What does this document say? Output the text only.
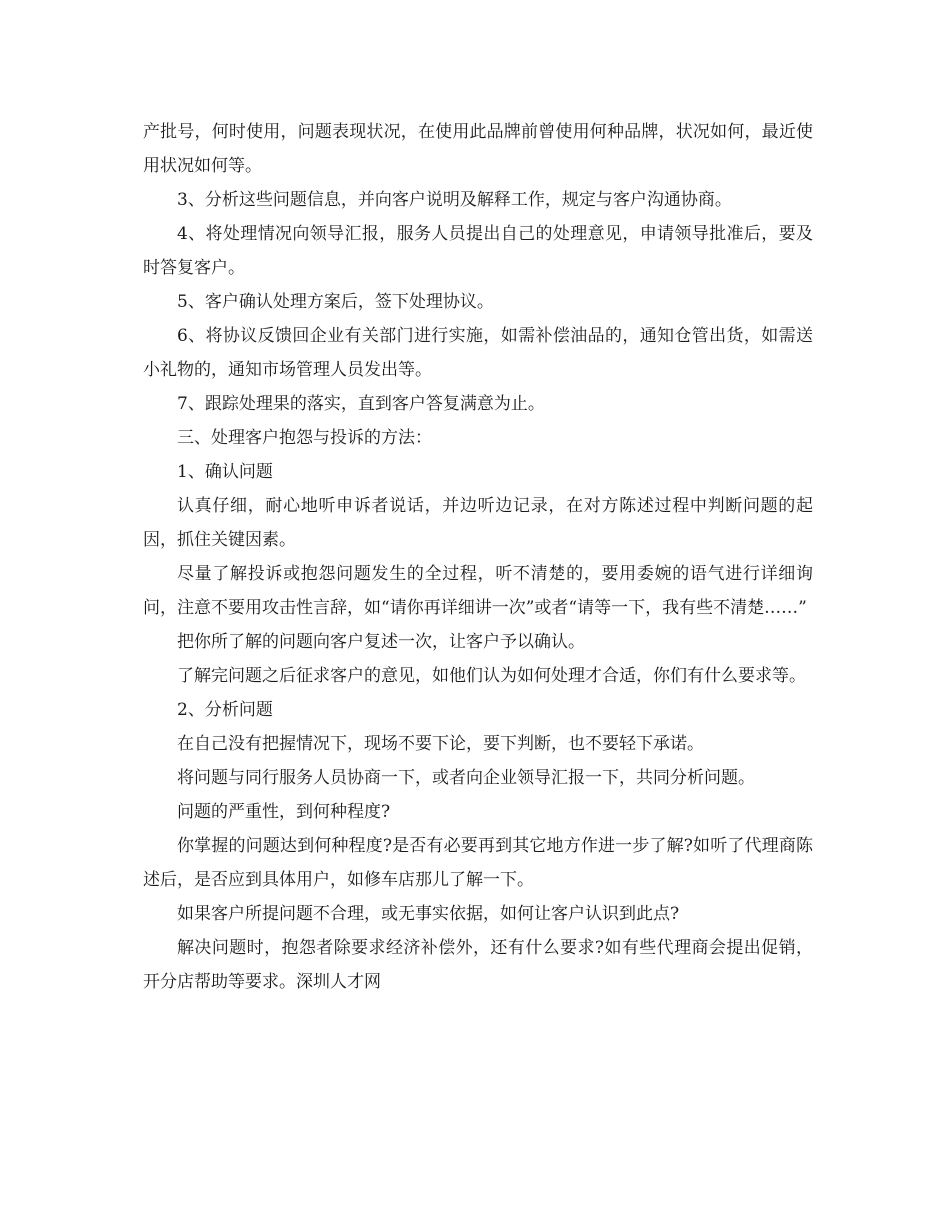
产批号，何时使用，问题表现状况，在使用此品牌前曾使用何种品牌，状况如何，最近使用状况如何等。

3、分析这些问题信息，并向客户说明及解释工作，规定与客户沟通协商。

4、将处理情况向领导汇报，服务人员提出自己的处理意见，申请领导批准后，要及时答复客户。

5、客户确认处理方案后，签下处理协议。

6、将协议反馈回企业有关部门进行实施，如需补偿油品的，通知仓管出货，如需送小礼物的，通知市场管理人员发出等。

7、跟踪处理果的落实，直到客户答复满意为止。

三、处理客户抱怨与投诉的方法：

1、确认问题

认真仔细，耐心地听申诉者说话，并边听边记录，在对方陈述过程中判断问题的起因，抓住关键因素。

尽量了解投诉或抱怨问题发生的全过程，听不清楚的，要用委婉的语气进行详细询问，注意不要用攻击性言辞，如“请你再详细讲一次”或者“请等一下，我有些不清楚……”

把你所了解的问题向客户复述一次，让客户予以确认。

了解完问题之后征求客户的意见，如他们认为如何处理才合适，你们有什么要求等。

2、分析问题

在自己没有把握情况下，现场不要下论，要下判断，也不要轻下承诺。

将问题与同行服务人员协商一下，或者向企业领导汇报一下，共同分析问题。

问题的严重性，到何种程度?

你掌握的问题达到何种程度?是否有必要再到其它地方作进一步了解?如听了代理商陈述后，是否应到具体用户，如修车店那儿了解一下。

如果客户所提问题不合理，或无事实依据，如何让客户认识到此点?

解决问题时，抱怨者除要求经济补偿外，还有什么要求?如有些代理商会提出促销，开分店帮助等要求。深圳人才网
